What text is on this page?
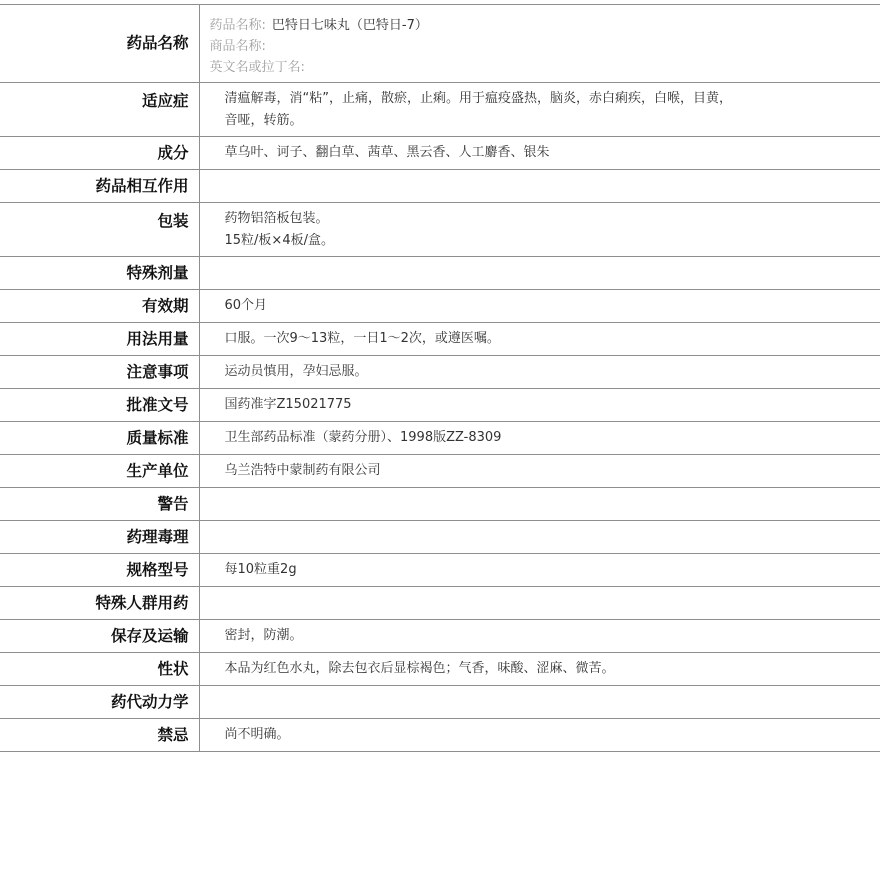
药品名称	药品名称: 巴特日七味丸（巴特日-7）
商品名称:
英文名或拉丁名:

适应症	清瘟解毒，消“粘”，止痛，散瘀，止痢。用于瘟疫盛热，脑炎，赤白痢疾，白喉，目黄，
音哑，转筋。

成分	草乌叶、诃子、翻白草、茜草、黑云香、人工麝香、银朱

药品相互作用	

包装	药物铝箔板包装。
15粒/板×4板/盒。

特殊剂量	

有效期	60个月

用法用量	口服。一次9～13粒，一日1～2次，或遵医嘱。

注意事项	运动员慎用，孕妇忌服。

批准文号	国药准字Z15021775

质量标准	卫生部药品标准（蒙药分册）、1998版ZZ-8309

生产单位	乌兰浩特中蒙制药有限公司

警告	

药理毒理	

规格型号	每10粒重2g

特殊人群用药	

保存及运输	密封，防潮。

性状	本品为红色水丸，除去包衣后显棕褐色；气香，味酸、涩麻、微苦。

药代动力学	

禁忌	尚不明确。
